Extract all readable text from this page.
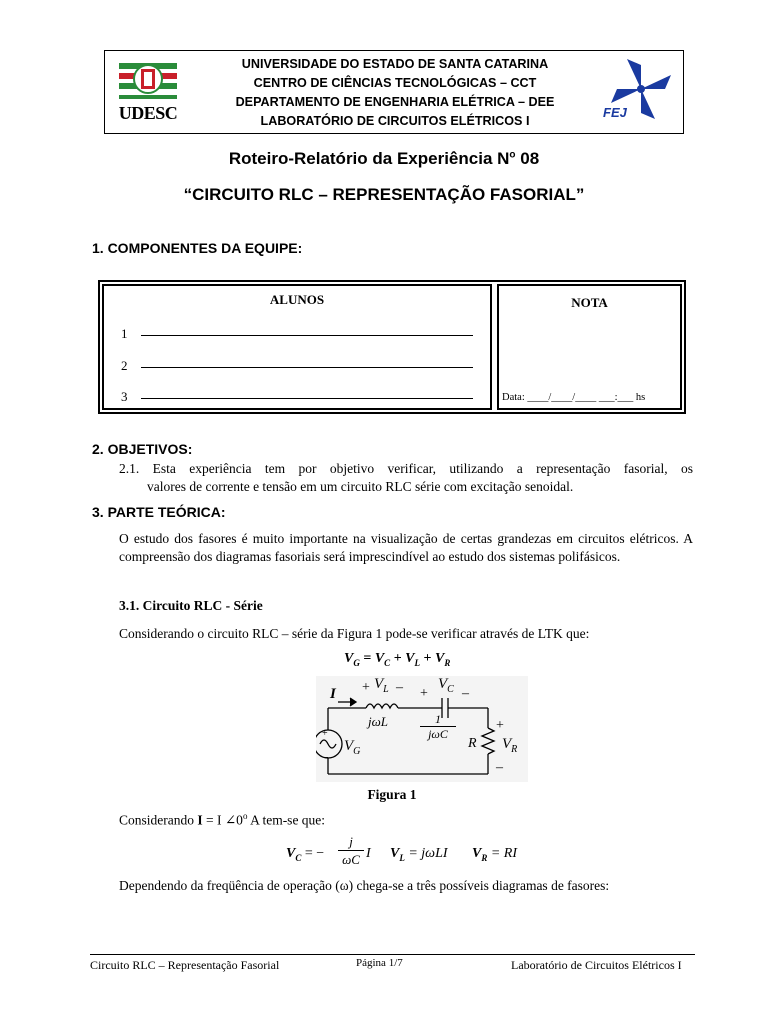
UDESC
UNIVERSIDADE DO ESTADO DE SANTA CATARINA
CENTRO DE CIÊNCIAS TECNOLÓGICAS – CCT
DEPARTAMENTO DE ENGENHARIA ELÉTRICA – DEE
LABORATÓRIO DE CIRCUITOS ELÉTRICOS I
FEJ
Roteiro-Relatório da Experiência $N^o$ 08
“CIRCUITO RLC – REPRESENTAÇÃO FASORIAL”
1. COMPONENTES DA EQUIPE:
ALUNOS
1
2
3
NOTA
Data: ____/____/____ ___:___ hs
2. OBJETIVOS:
2.1. Esta experiência tem por objetivo verificar, utilizando a representação fasorial, os
valores de corrente e tensão em um circuito RLC série com excitação senoidal.
3. PARTE TEÓRICA:
O estudo dos fasores é muito importante na visualização de certas grandezas em circuitos elétricos. A compreensão dos diagramas fasoriais será imprescindível ao estudo dos sistemas polifásicos.
3.1. Circuito RLC - Série
Considerando o circuito RLC – série da Figura 1 pode-se verificar através de LTK que:
$V_G = V_C + V_L + V_R$
$I + V_L$ – +
$V_C$ –
jωL	1
jωC
R
+
$V_R$
–
+
–
$V_G$
Figura 1
Considerando I = I ∠0$^o$ A tem-se que:
$V_C$ = − $\frac{j}{\omega C}$ I $V_L = j\omega LI$ $V_R$ = RI
Dependendo da freqüência de operação (ω) chega-se a três possíveis diagramas de fasores:
Circuito RLC – Representação Fasorial	Página 1/7	Laboratório de Circuitos Elétricos I
